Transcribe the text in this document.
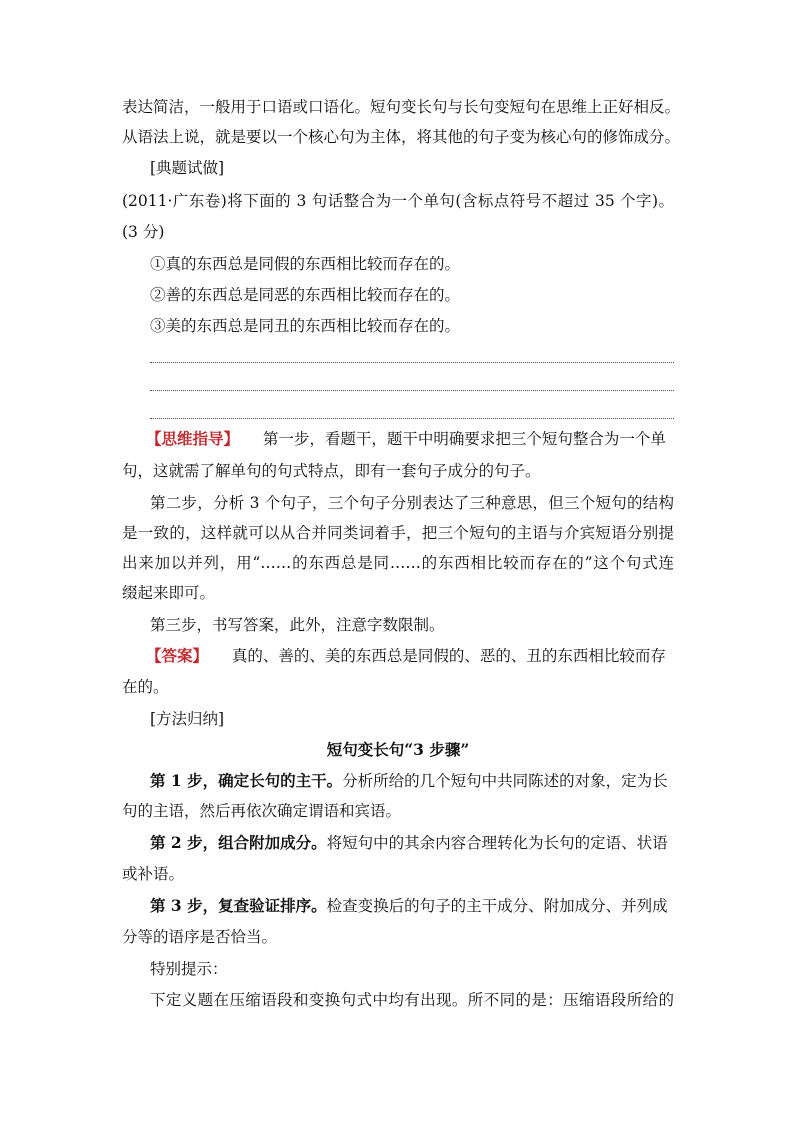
表达简洁，一般用于口语或口语化。短句变长句与长句变短句在思维上正好相反。
从语法上说，就是要以一个核心句为主体，将其他的句子变为核心句的修饰成分。
[典题试做]
(2011·广东卷)将下面的 3 句话整合为一个单句(含标点符号不超过 35 个字)。
(3 分)
①真的东西总是同假的东西相比较而存在的。
②善的东西总是同恶的东西相比较而存在的。
③美的东西总是同丑的东西相比较而存在的。
【思维指导】 第一步，看题干，题干中明确要求把三个短句整合为一个单
句，这就需了解单句的句式特点，即有一套句子成分的句子。
第二步，分析 3 个句子，三个句子分别表达了三种意思，但三个短句的结构
是一致的，这样就可以从合并同类词着手，把三个短句的主语与介宾短语分别提
出来加以并列，用“……的东西总是同……的东西相比较而存在的”这个句式连
缀起来即可。
第三步，书写答案，此外，注意字数限制。
【答案】 真的、善的、美的东西总是同假的、恶的、丑的东西相比较而存
在的。
[方法归纳]
短句变长句“3 步骤”
第 1 步，确定长句的主干。分析所给的几个短句中共同陈述的对象，定为长
句的主语，然后再依次确定谓语和宾语。
第 2 步，组合附加成分。将短句中的其余内容合理转化为长句的定语、状语
或补语。
第 3 步，复查验证排序。检查变换后的句子的主干成分、附加成分、并列成
分等的语序是否恰当。
特别提示：
下定义题在压缩语段和变换句式中均有出现。所不同的是：压缩语段所给的
